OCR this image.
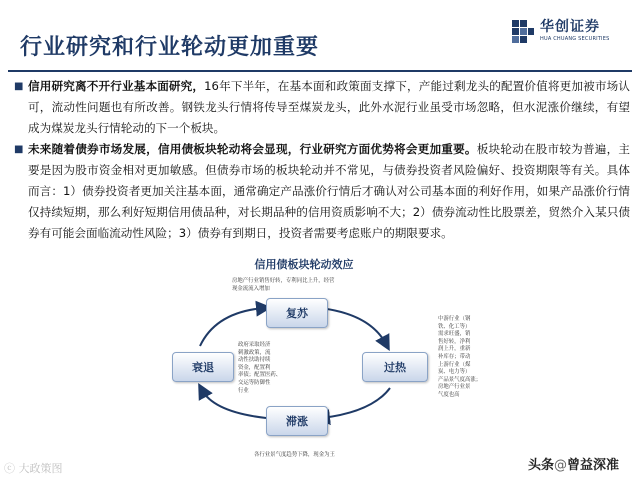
行业研究和行业轮动更加重要
华创证券
HUA CHUANG SECURITIES
■ 信用研究离不开行业基本面研究，16年下半年，在基本面和政策面支撑下，产能过剩龙头的配置价值将更加被市场认可，流动性问题也有所改善。钢铁龙头行情将传导至煤炭龙头，此外水泥行业虽受市场忽略，但水泥涨价继续，有望成为煤炭龙头行情轮动的下一个板块。
■ 未来随着债券市场发展，信用债板块轮动将会显现，行业研究方面优势将会更加重要。板块轮动在股市较为普遍，主要是因为股市资金相对更加敏感。但债券市场的板块轮动并不常见，与债券投资者风险偏好、投资期限等有关。具体而言：1）债券投资者更加关注基本面，通常确定产品涨价行情后才确认对公司基本面的利好作用，如果产品涨价行情仅持续短期，那么利好短期信用债品种，对长期品种的信用资质影响不大；2）债券流动性比股票差，贸然介入某只债券有可能会面临流动性风险；3）债券有到期日，投资者需要考虑账户的期限要求。
信用债板块轮动效应
房地产行业销售好转，专利同比上升，经营
现金流流入增加
复苏
过热
滞涨
衰退
政府采取经济
刺激政策，流
动性扶助持续
资金，配置利
率债；配置医药、
交运等防御性
行业
中游行业（钢
铁、化工等）
需求旺盛，销
售好转，净利
润上升，重新
补库存；带动
上游行业（煤
炭、电力等）
产品景气度高涨；
房地产行业景
气度也高
各行业景气度趋势下降，现金为王
ⓒ 大政策图	头条@曾益深准
